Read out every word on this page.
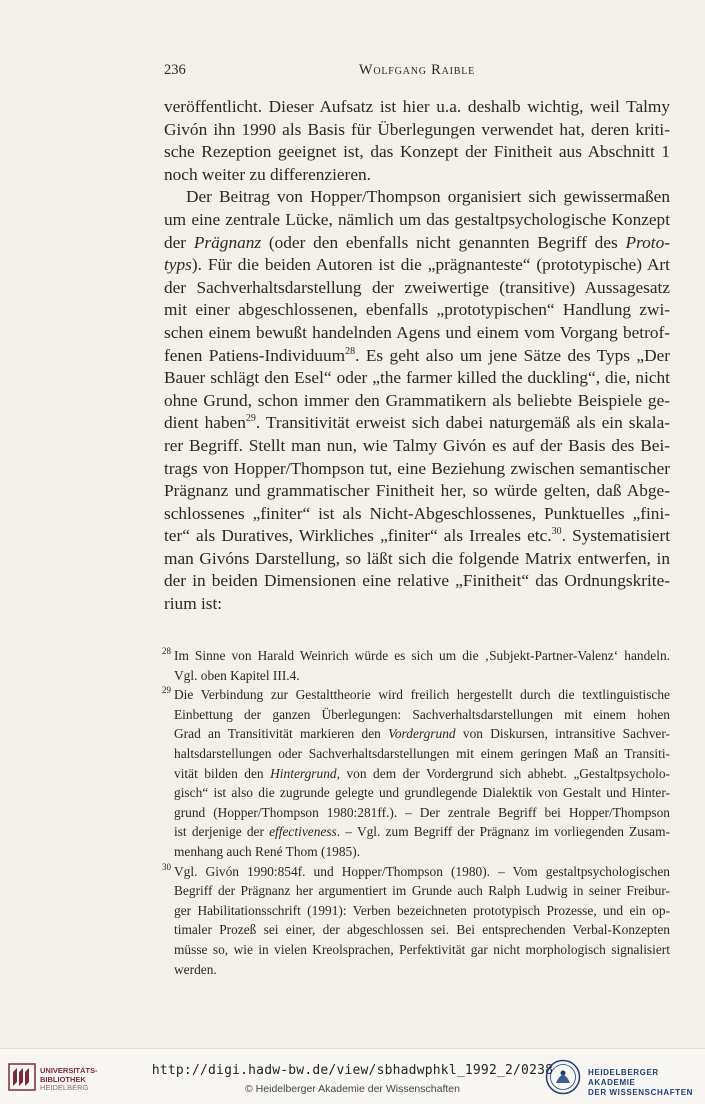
236	Wolfgang Raible
veröffentlicht. Dieser Aufsatz ist hier u.a. deshalb wichtig, weil Talmy
Givón ihn 1990 als Basis für Überlegungen verwendet hat, deren kriti-
sche Rezeption geeignet ist, das Konzept der Finitheit aus Abschnitt 1
noch weiter zu differenzieren.
Der Beitrag von Hopper/Thompson organisiert sich gewissermaßen
um eine zentrale Lücke, nämlich um das gestaltpsychologische Konzept
der Prägnanz (oder den ebenfalls nicht genannten Begriff des Proto-
typs). Für die beiden Autoren ist die „prägnanteste“ (prototypische) Art
der Sachverhaltsdarstellung der zweiwertige (transitive) Aussagesatz
mit einer abgeschlossenen, ebenfalls „prototypischen“ Handlung zwi-
schen einem bewußt handelnden Agens und einem vom Vorgang betrof-
fenen Patiens-Individuum$^{28}$. Es geht also um jene Sätze des Typs „Der
Bauer schlägt den Esel“ oder „the farmer killed the duckling“, die, nicht
ohne Grund, schon immer den Grammatikern als beliebte Beispiele ge-
dient haben$^{29}$. Transitivität erweist sich dabei naturgemäß als ein skala-
rer Begriff. Stellt man nun, wie Talmy Givón es auf der Basis des Bei-
trags von Hopper/Thompson tut, eine Beziehung zwischen semantischer
Prägnanz und grammatischer Finitheit her, so würde gelten, daß Abge-
schlossenes „finiter“ ist als Nicht-Abgeschlossenes, Punktuelles „fini-
ter“ als Duratives, Wirkliches „finiter“ als Irreales etc.$^{30}$. Systematisiert
man Givóns Darstellung, so läßt sich die folgende Matrix entwerfen, in
der in beiden Dimensionen eine relative „Finitheit“ das Ordnungskrite-
rium ist:
28 Im Sinne von Harald Weinrich würde es sich um die ‚Subjekt-Partner-Valenz‘ handeln.
Vgl. oben Kapitel III.4.
29 Die Verbindung zur Gestalttheorie wird freilich hergestellt durch die textlinguistische
Einbettung der ganzen Überlegungen: Sachverhaltsdarstellungen mit einem hohen
Grad an Transitivität markieren den Vordergrund von Diskursen, intransitive Sachver-
haltsdarstellungen oder Sachverhaltsdarstellungen mit einem geringen Maß an Transiti-
vität bilden den Hintergrund, von dem der Vordergrund sich abhebt. „Gestaltpsycholo-
gisch“ ist also die zugrunde gelegte und grundlegende Dialektik von Gestalt und Hinter-
grund (Hopper/Thompson 1980:281ff.). – Der zentrale Begriff bei Hopper/Thompson
ist derjenige der effectiveness. – Vgl. zum Begriff der Prägnanz im vorliegenden Zusam-
menhang auch René Thom (1985).
30 Vgl. Givón 1990:854f. und Hopper/Thompson (1980). – Vom gestaltpsychologischen
Begriff der Prägnanz her argumentiert im Grunde auch Ralph Ludwig in seiner Freibur-
ger Habilitationsschrift (1991): Verben bezeichneten prototypisch Prozesse, und ein op-
timaler Prozeß sei einer, der abgeschlossen sei. Bei entsprechenden Verbal-Konzepten
müsse so, wie in vielen Kreolsprachen, Perfektivität gar nicht morphologisch signalisiert
werden.
UNIVERSITÄTS-
BIBLIOTHEK
HEIDELBERG
http://digi.hadw-bw.de/view/sbhadwphkl_1992_2/0238
© Heidelberger Akademie der Wissenschaften
HEIDELBERGER AKADEMIE
DER WISSENSCHAFTEN
